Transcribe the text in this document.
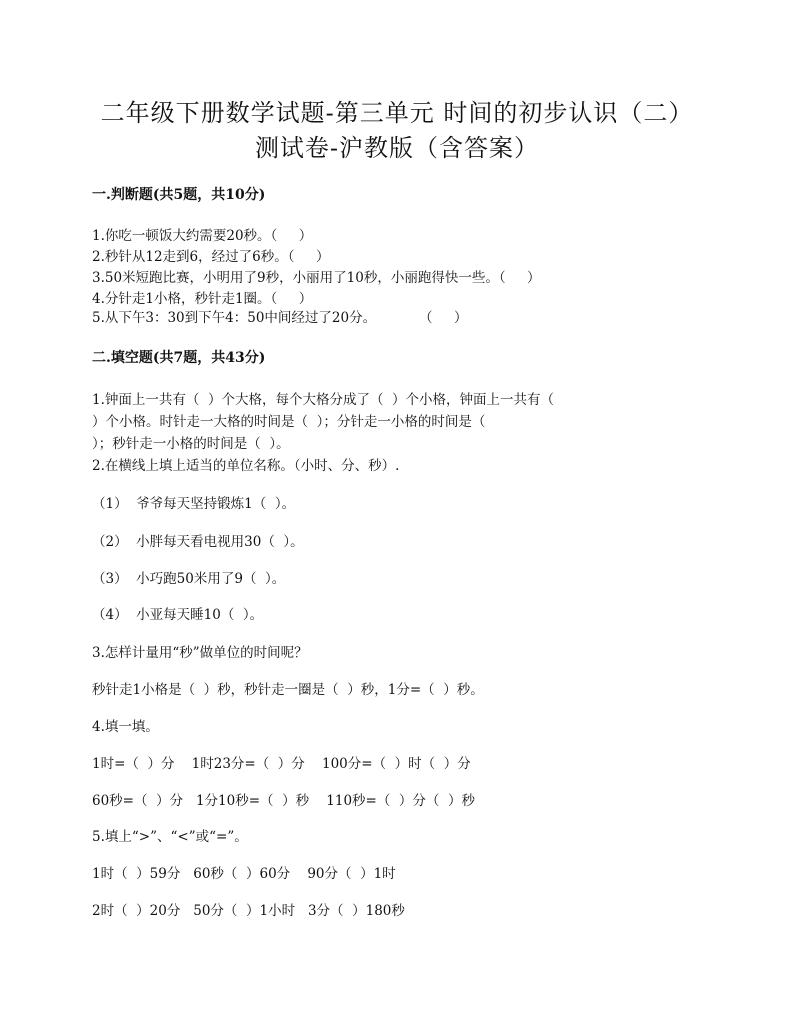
二年级下册数学试题-第三单元 时间的初步认识（二）
测试卷-沪教版（含答案）
一.判断题(共5题，共10分)
1.你吃一顿饭大约需要20秒。（     ）
2.秒针从12走到6，经过了6秒。（     ）
3.50米短跑比赛，小明用了9秒，小丽用了10秒，小丽跑得快一些。（     ）
4.分针走1小格，秒针走1圈。（     ）
5.从下午3：30到下午4：50中间经过了20分。          （     ）
二.填空题(共7题，共43分)
1.钟面上一共有（  ）个大格，每个大格分成了（  ）个小格，钟面上一共有（
）个小格。时针走一大格的时间是（  ）；分针走一小格的时间是（
）；秒针走一小格的时间是（  ）。
2.在横线上填上适当的单位名称。（小时、分、秒）.
（1）  爷爷每天坚持锻炼1（  ）。
（2）  小胖每天看电视用30（  ）。
（3）  小巧跑50米用了9（  ）。
（4）  小亚每天睡10（  ）。
3.怎样计量用“秒”做单位的时间呢？
秒针走1小格是（  ）秒，秒针走一圈是（  ）秒，1分=（  ）秒。
4.填一填。
1时=（  ）分    1时23分=（  ）分    100分=（  ）时（  ）分
60秒=（  ）分   1分10秒=（  ）秒    110秒=（  ）分（  ）秒
5.填上“>”、“<”或“=”。
1时（  ）59分   60秒（  ）60分    90分（  ）1时
2时（  ）20分   50分（  ）1小时   3分（  ）180秒
